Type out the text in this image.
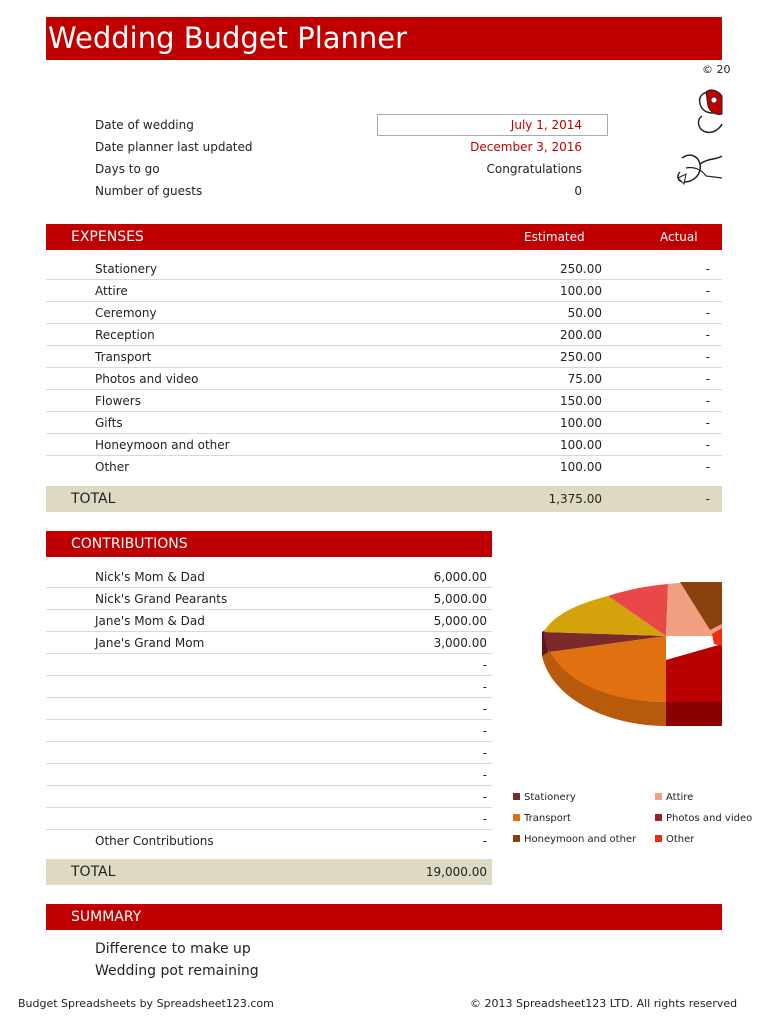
Wedding Budget Planner
© 20
Date of wedding	July 1, 2014
Date planner last updated	December 3, 2016
Days to go	Congratulations
Number of guests	0
EXPENSES	Estimated	Actual
Stationery	250.00	-
Attire	100.00	-
Ceremony	50.00	-
Reception	200.00	-
Transport	250.00	-
Photos and video	75.00	-
Flowers	150.00	-
Gifts	100.00	-
Honeymoon and other	100.00	-
Other	100.00	-
TOTAL	1,375.00	-
CONTRIBUTIONS
Nick's Mom & Dad	6,000.00
Nick's Grand Pearants	5,000.00
Jane's Mom & Dad	5,000.00
Jane's Grand Mom	3,000.00
-
-
-
-
-
-
-
-
Other Contributions	-
TOTAL	19,000.00
Stationery	Attire
Transport	Photos and video
Honeymoon and other	Other
SUMMARY
Difference to make up
Wedding pot remaining
Budget Spreadsheets by Spreadsheet123.com	© 2013 Spreadsheet123 LTD. All rights reserved
